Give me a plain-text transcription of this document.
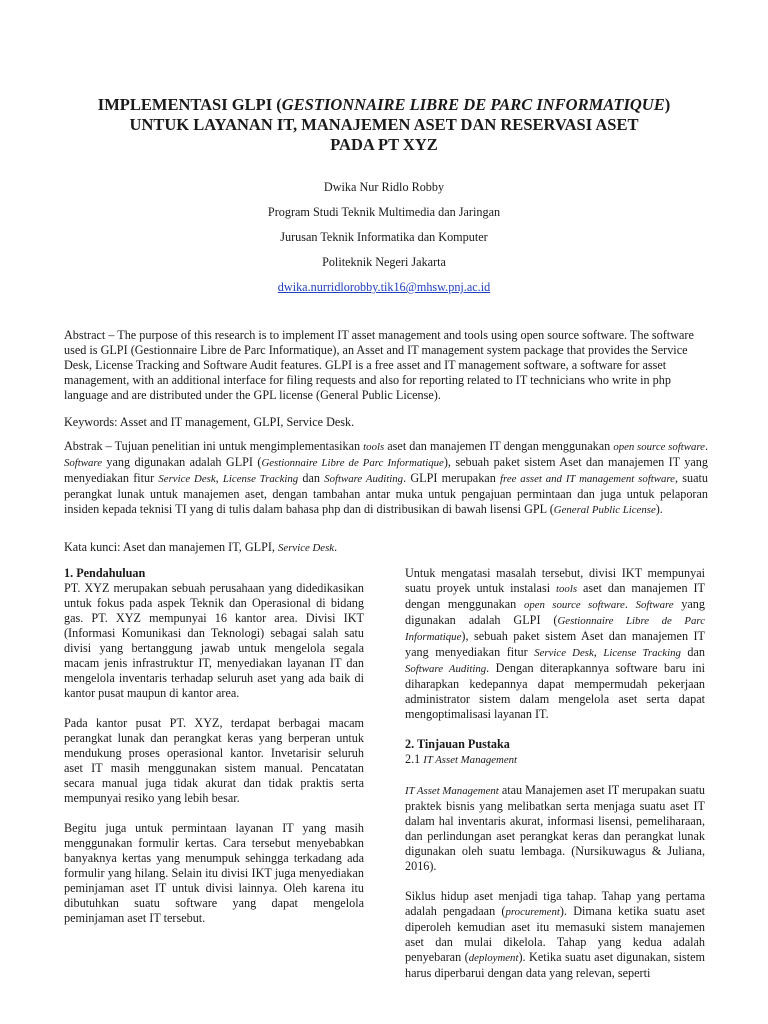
IMPLEMENTASI GLPI (GESTIONNAIRE LIBRE DE PARC INFORMATIQUE)
UNTUK LAYANAN IT, MANAJEMEN ASET DAN RESERVASI ASET
PADA PT XYZ

Dwika Nur Ridlo Robby

Program Studi Teknik Multimedia dan Jaringan

Jurusan Teknik Informatika dan Komputer

Politeknik Negeri Jakarta

dwika.nurridlorobby.tik16@mhsw.pnj.ac.id

Abstract – The purpose of this research is to implement IT asset management and tools using open source software. The software used is GLPI (Gestionnaire Libre de Parc Informatique), an Asset and IT management system package that provides the Service Desk, License Tracking and Software Audit features. GLPI is a free asset and IT management software, a software for asset management, with an additional interface for filing requests and also for reporting related to IT technicians who write in php language and are distributed under the GPL license (General Public License).

Keywords: Asset and IT management, GLPI, Service Desk.

Abstrak – Tujuan penelitian ini untuk mengimplementasikan tools aset dan manajemen IT dengan menggunakan open source software. Software yang digunakan adalah GLPI (Gestionnaire Libre de Parc Informatique), sebuah paket sistem Aset dan manajemen IT yang menyediakan fitur Service Desk, License Tracking dan Software Auditing. GLPI merupakan free asset and IT management software, suatu perangkat lunak untuk manajemen aset, dengan tambahan antar muka untuk pengajuan permintaan dan juga untuk pelaporan insiden kepada teknisi TI yang di tulis dalam bahasa php dan di distribusikan di bawah lisensi GPL (General Public License).

Kata kunci: Aset dan manajemen IT, GLPI, Service Desk.

1. Pendahuluan

PT. XYZ merupakan sebuah perusahaan yang didedikasikan untuk fokus pada aspek Teknik dan Operasional di bidang gas. PT. XYZ mempunyai 16 kantor area. Divisi IKT (Informasi Komunikasi dan Teknologi) sebagai salah satu divisi yang bertanggung jawab untuk mengelola segala macam jenis infrastruktur IT, menyediakan layanan IT dan mengelola inventaris terhadap seluruh aset yang ada baik di kantor pusat maupun di kantor area.

Pada kantor pusat PT. XYZ, terdapat berbagai macam perangkat lunak dan perangkat keras yang berperan untuk mendukung proses operasional kantor. Invetarisir seluruh aset IT masih menggunakan sistem manual. Pencatatan secara manual juga tidak akurat dan tidak praktis serta mempunyai resiko yang lebih besar.

Begitu juga untuk permintaan layanan IT yang masih menggunakan formulir kertas. Cara tersebut menyebabkan banyaknya kertas yang menumpuk sehingga terkadang ada formulir yang hilang. Selain itu divisi IKT juga menyediakan peminjaman aset IT untuk divisi lainnya. Oleh karena itu dibutuhkan suatu software yang dapat mengelola peminjaman aset IT tersebut.

Untuk mengatasi masalah tersebut, divisi IKT mempunyai suatu proyek untuk instalasi tools aset dan manajemen IT dengan menggunakan open source software. Software yang digunakan adalah GLPI (Gestionnaire Libre de Parc Informatique), sebuah paket sistem Aset dan manajemen IT yang menyediakan fitur Service Desk, License Tracking dan Software Auditing. Dengan diterapkannya software baru ini diharapkan kedepannya dapat mempermudah pekerjaan administrator sistem dalam mengelola aset serta dapat mengoptimalisasi layanan IT.

2. Tinjauan Pustaka

2.1 IT Asset Management

IT Asset Management atau Manajemen aset IT merupakan suatu praktek bisnis yang melibatkan serta menjaga suatu aset IT dalam hal inventaris akurat, informasi lisensi, pemeliharaan, dan perlindungan aset perangkat keras dan perangkat lunak digunakan oleh suatu lembaga. (Nursikuwagus & Juliana, 2016).

Siklus hidup aset menjadi tiga tahap. Tahap yang pertama adalah pengadaan (procurement). Dimana ketika suatu aset diperoleh kemudian aset itu memasuki sistem manajemen aset dan mulai dikelola. Tahap yang kedua adalah penyebaran (deployment). Ketika suatu aset digunakan, sistem harus diperbarui dengan data yang relevan, seperti
